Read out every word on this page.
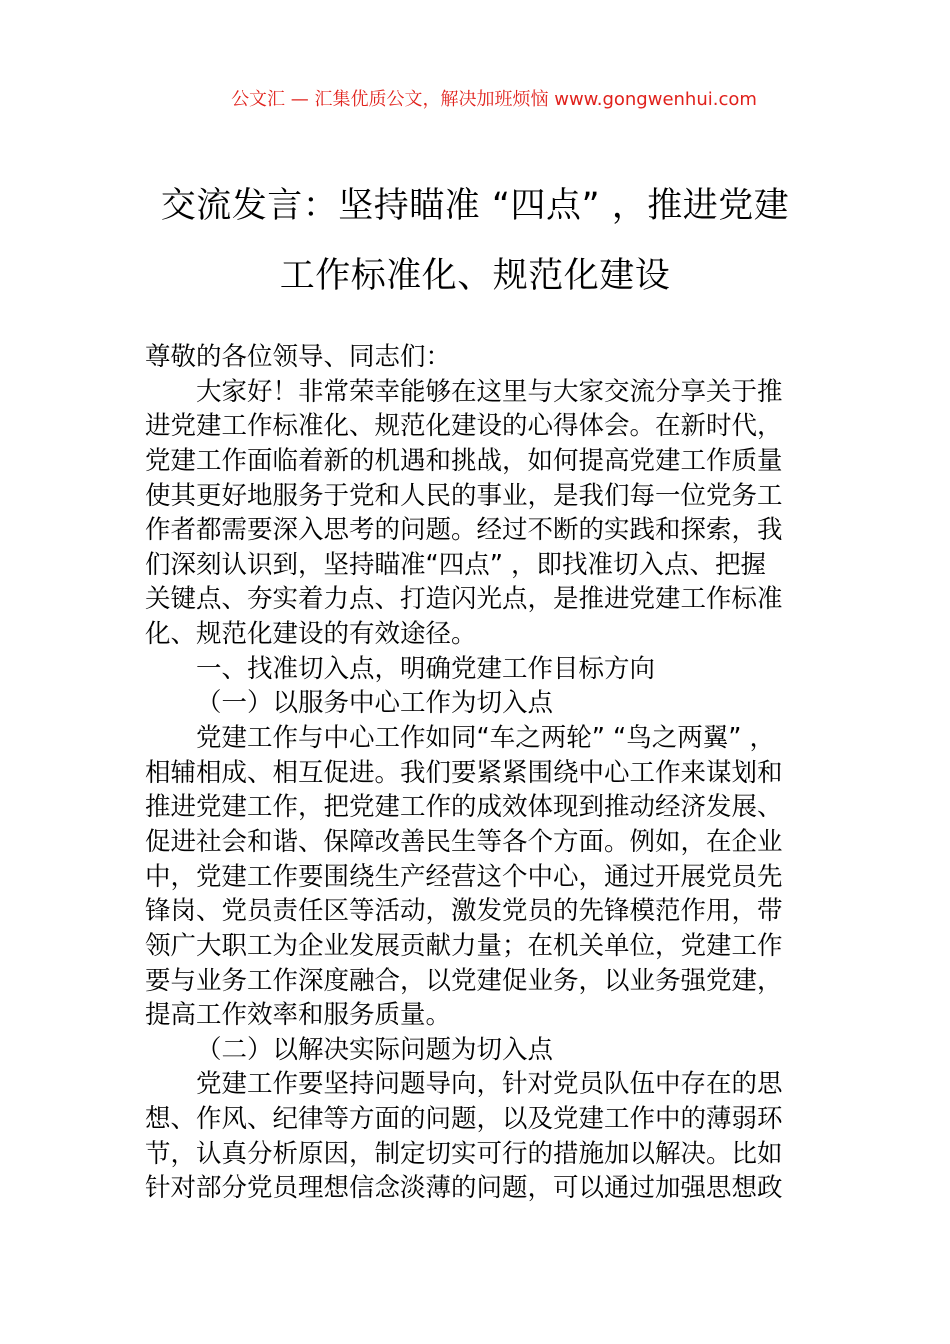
公文汇 — 汇集优质公文，解决加班烦恼 www.gongwenhui.com
交流发言：坚持瞄准 “四点” ，推进党建
工作标准化、规范化建设
尊敬的各位领导、同志们：
大家好！非常荣幸能够在这里与大家交流分享关于推
进党建工作标准化、规范化建设的心得体会。在新时代，
党建工作面临着新的机遇和挑战，如何提高党建工作质量
使其更好地服务于党和人民的事业，是我们每一位党务工
作者都需要深入思考的问题。经过不断的实践和探索，我
们深刻认识到，坚持瞄准“四点” ，即找准切入点、把握
关键点、夯实着力点、打造闪光点，是推进党建工作标准
化、规范化建设的有效途径。
一、找准切入点，明确党建工作目标方向
（一）以服务中心工作为切入点
党建工作与中心工作如同“车之两轮” “鸟之两翼” ，
相辅相成、相互促进。我们要紧紧围绕中心工作来谋划和
推进党建工作，把党建工作的成效体现到推动经济发展、
促进社会和谐、保障改善民生等各个方面。例如，在企业
中，党建工作要围绕生产经营这个中心，通过开展党员先
锋岗、党员责任区等活动，激发党员的先锋模范作用，带
领广大职工为企业发展贡献力量；在机关单位，党建工作
要与业务工作深度融合，以党建促业务，以业务强党建，
提高工作效率和服务质量。
（二）以解决实际问题为切入点
党建工作要坚持问题导向，针对党员队伍中存在的思
想、作风、纪律等方面的问题，以及党建工作中的薄弱环
节，认真分析原因，制定切实可行的措施加以解决。比如
针对部分党员理想信念淡薄的问题，可以通过加强思想政
